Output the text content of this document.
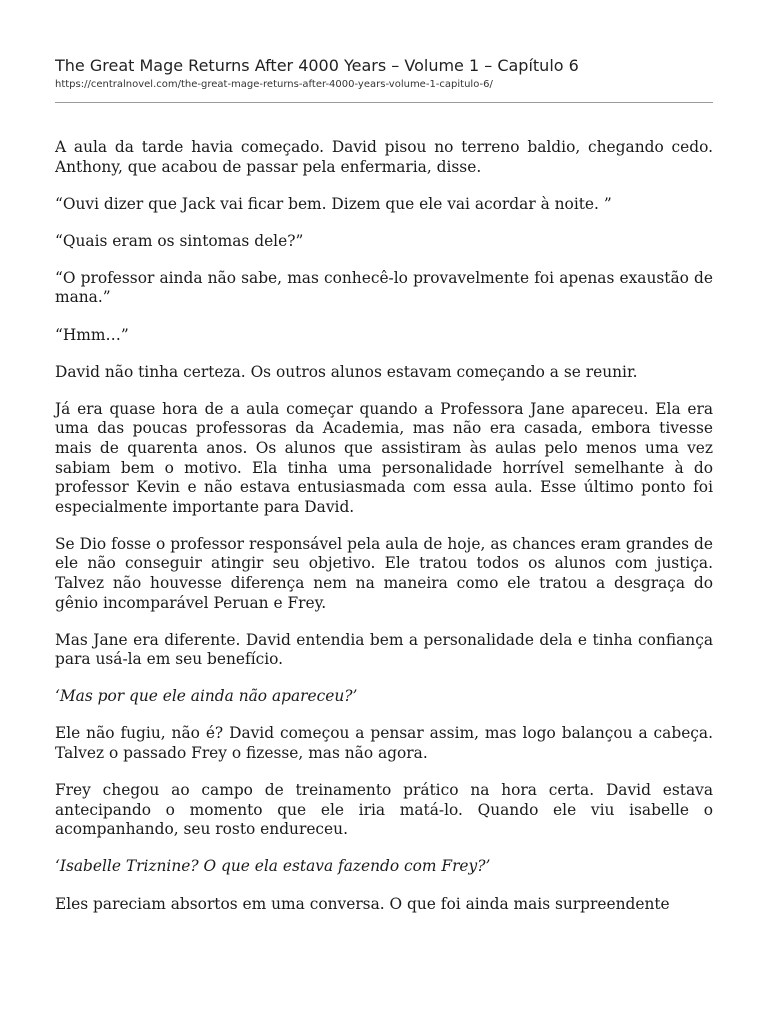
The Great Mage Returns After 4000 Years – Volume 1 – Capítulo 6
https://centralnovel.com/the-great-mage-returns-after-4000-years-volume-1-capitulo-6/

A aula da tarde havia começado. David pisou no terreno baldio, chegando cedo. Anthony, que acabou de passar pela enfermaria, disse.

“Ouvi dizer que Jack vai ficar bem. Dizem que ele vai acordar à noite. ”

“Quais eram os sintomas dele?”

“O professor ainda não sabe, mas conhecê-lo provavelmente foi apenas exaustão de mana.”

“Hmm…”

David não tinha certeza. Os outros alunos estavam começando a se reunir.

Já era quase hora de a aula começar quando a Professora Jane apareceu. Ela era uma das poucas professoras da Academia, mas não era casada, embora tivesse mais de quarenta anos. Os alunos que assistiram às aulas pelo menos uma vez sabiam bem o motivo. Ela tinha uma personalidade horrível semelhante à do professor Kevin e não estava entusiasmada com essa aula. Esse último ponto foi especialmente importante para David.

Se Dio fosse o professor responsável pela aula de hoje, as chances eram grandes de ele não conseguir atingir seu objetivo. Ele tratou todos os alunos com justiça. Talvez não houvesse diferença nem na maneira como ele tratou a desgraça do gênio incomparável Peruan e Frey.

Mas Jane era diferente. David entendia bem a personalidade dela e tinha confiança para usá-la em seu benefício.

‘Mas por que ele ainda não apareceu?’

Ele não fugiu, não é? David começou a pensar assim, mas logo balançou a cabeça. Talvez o passado Frey o fizesse, mas não agora.

Frey chegou ao campo de treinamento prático na hora certa. David estava antecipando o momento que ele iria matá-lo. Quando ele viu isabelle o acompanhando, seu rosto endureceu.

‘Isabelle Triznine? O que ela estava fazendo com Frey?’

Eles pareciam absortos em uma conversa. O que foi ainda mais surpreendente
